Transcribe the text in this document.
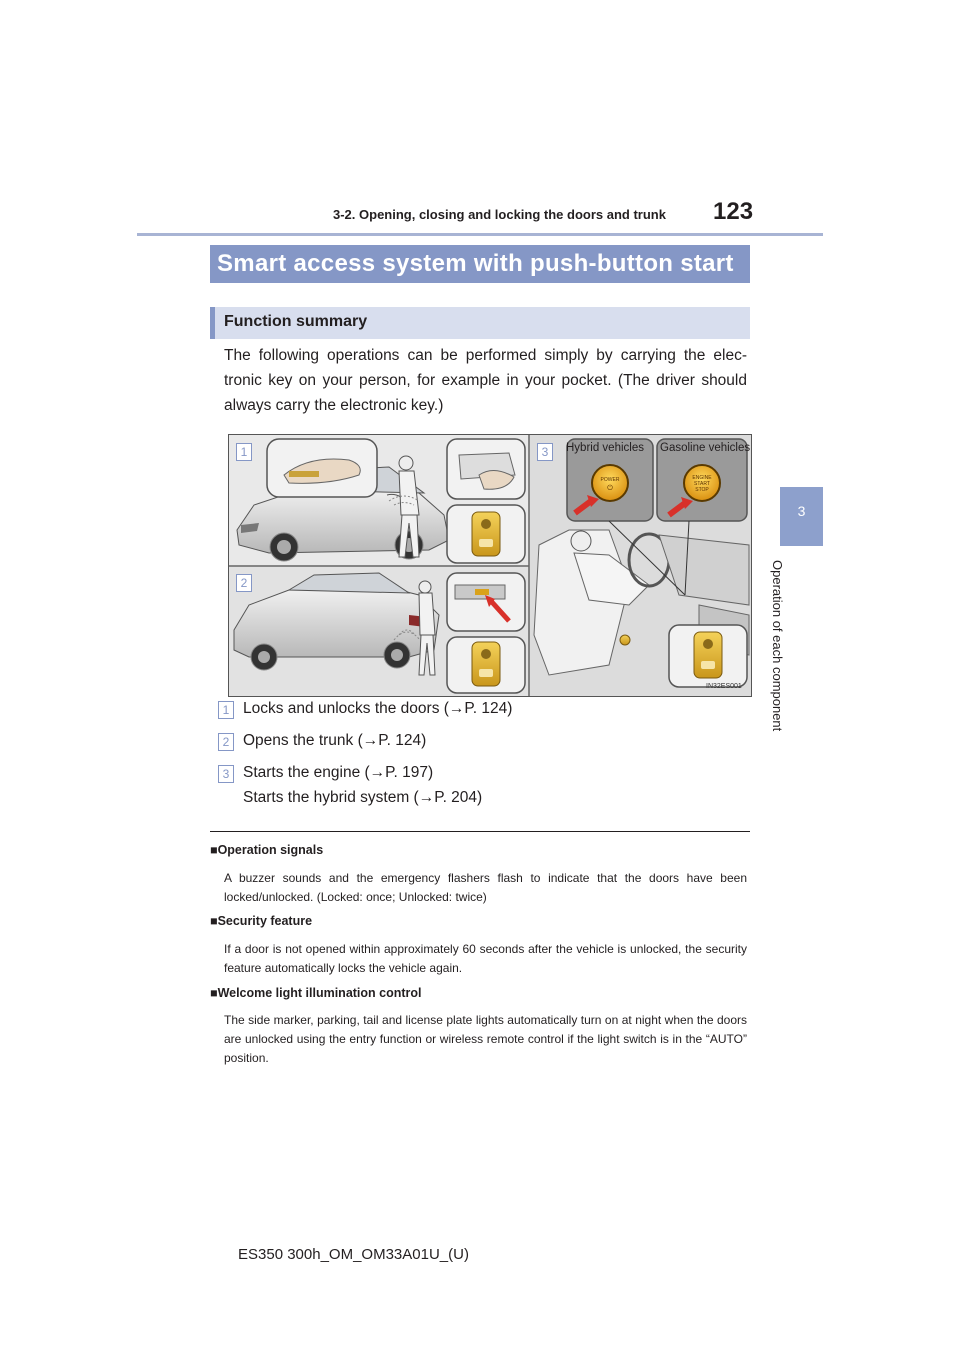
3-2. Opening, closing and locking the doors and trunk 123
3
Operation of each component
Smart access system with push-button start
Function summary
The following operations can be performed simply by carrying the elec-tronic key on your person, for example in your pocket. (The driver should always carry the electronic key.)
POWER
⏻
ENGINE
START
STOP
1
2
3	Hybrid vehicles Gasoline vehicles
IN32ES001
1 Locks and unlocks the doors (→P. 124)
2 Opens the trunk (→P. 124)
3 Starts the engine (→P. 197)
Starts the hybrid system (→P. 204)
■Operation signals
A buzzer sounds and the emergency flashers flash to indicate that the doors have been locked/unlocked. (Locked: once; Unlocked: twice)
■Security feature
If a door is not opened within approximately 60 seconds after the vehicle is unlocked, the security feature automatically locks the vehicle again.
■Welcome light illumination control
The side marker, parking, tail and license plate lights automatically turn on at night when the doors are unlocked using the entry function or wireless remote control if the light switch is in the “AUTO” position.
ES350 300h_OM_OM33A01U_(U)
